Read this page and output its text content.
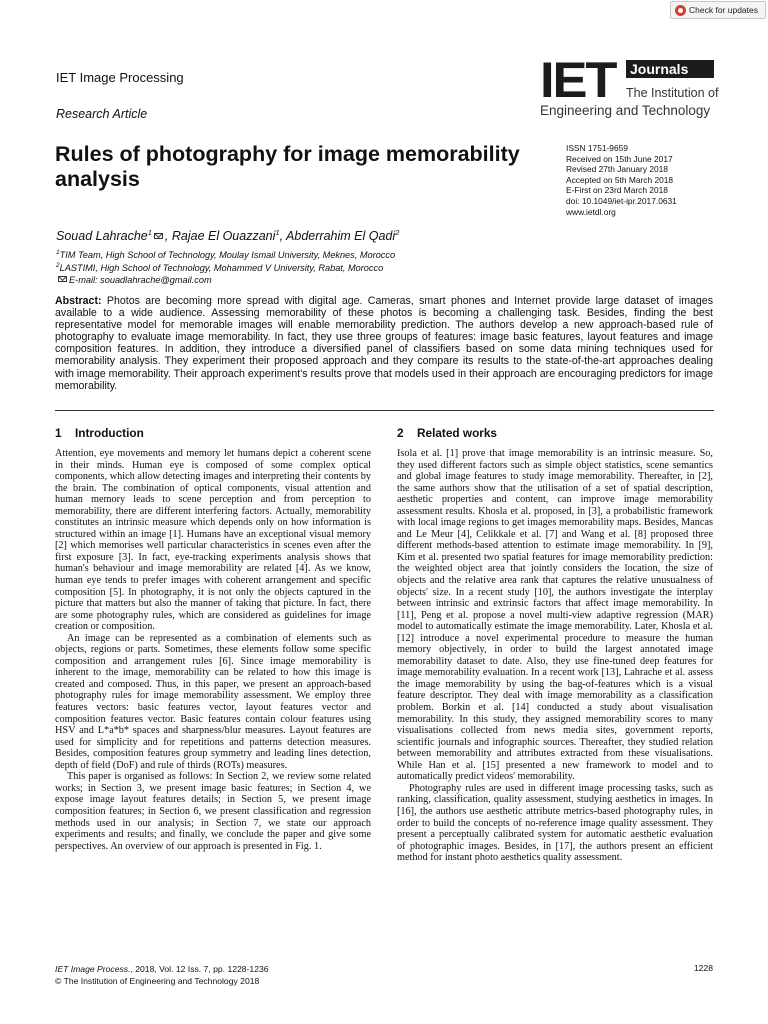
Check for updates
IET Image Processing
Research Article
IET Journals
The Institution of
Engineering and Technology
Rules of photography for image memorability analysis
ISSN 1751-9659
Received on 15th June 2017
Revised 27th January 2018
Accepted on 5th March 2018
E-First on 23rd March 2018
doi: 10.1049/iet-ipr.2017.0631
www.ietdl.org
Souad Lahrache$^1$ , Rajae El Ouazzani$^1$, Abderrahim El Qadi$^2$
$^1$TIM Team, High School of Technology, Moulay Ismail University, Meknes, Morocco
$^2$LASTIMI, High School of Technology, Mohammed V University, Rabat, Morocco
E-mail: souadlahrache@gmail.com
Abstract: Photos are becoming more spread with digital age. Cameras, smart phones and Internet provide large dataset of images available to a wide audience. Assessing memorability of these photos is becoming a challenging task. Besides, finding the best representative model for memorable images will enable memorability prediction. The authors develop a new approach-based rule of photography to evaluate image memorability. In fact, they use three groups of features: image basic features, layout features and image composition features. In addition, they introduce a diversified panel of classifiers based on some data mining techniques used for memorability analysis. They experiment their proposed approach and they compare its results to the state-of-the-art approaches dealing with image memorability. Their approach experiment's results prove that models used in their approach are encouraging predictors for image memorability.
1 Introduction

Attention, eye movements and memory let humans depict a coherent scene in their minds. Human eye is composed of some complex optical components, which allow detecting images and interpreting their contents by the brain. The combination of optical components, visual attention and human memory leads to scene perception and from perception to memorability, there are different interfering factors. Actually, memorability constitutes an intrinsic measure which depends only on how information is structured within an image [1]. Humans have an exceptional visual memory [2] which memorises well particular characteristics in scenes even after the first exposure [3]. In fact, eye-tracking experiments analysis shows that human's behaviour and image memorability are related [4]. As we know, human eye tends to prefer images with coherent arrangement and specific composition [5]. In photography, it is not only the objects captured in the picture that matters but also the manner of taking that picture. In fact, there are some photography rules, which are considered as guidelines for image creation or composition.

An image can be represented as a combination of elements such as objects, regions or parts. Sometimes, these elements follow some specific composition and arrangement rules [6]. Since image memorability is inherent to the image, memorability can be related to how this image is created and composed. Thus, in this paper, we present an approach-based photography rules for image memorability assessment. We employ three features vectors: basic features vector, layout features vector and composition features vector. Basic features contain colour features using HSV and L*a*b* spaces and sharpness/blur measures. Layout features are used for simplicity and for repetitions and patterns detection measures. Besides, composition features group symmetry and leading lines detection, depth of field (DoF) and rule of thirds (ROTs) measures.

This paper is organised as follows: In Section 2, we review some related works; in Section 3, we present image basic features; in Section 4, we expose image layout features details; in Section 5, we present image composition features; in Section 6, we present classification and regression methods used in our analysis; in Section 7, we state our approach experiments and results; and finally, we conclude the paper and give some perspectives. An overview of our approach is presented in Fig. 1.

2 Related works

Isola et al. [1] prove that image memorability is an intrinsic measure. So, they used different factors such as simple object statistics, scene semantics and global image features to study image memorability. Thereafter, in [2], the same authors show that the utilisation of a set of spatial description, aesthetic properties and content, can improve image memorability assessment results. Khosla et al. proposed, in [3], a probabilistic framework with local image regions to get images memorability maps. Besides, Mancas and Le Meur [4], Celikkale et al. [7] and Wang et al. [8] proposed three different methods-based attention to estimate image memorability. In [9], Kim et al. presented two spatial features for image memorability prediction: the weighted object area that jointly considers the location, the size of objects and the relative area rank that captures the relative unusualness of objects' size. In a recent study [10], the authors investigate the interplay between intrinsic and extrinsic factors that affect image memorability. In [11], Peng et al. propose a novel multi-view adaptive regression (MAR) model to automatically estimate the image memorability. Later, Khosla et al. [12] introduce a novel experimental procedure to measure the human memory objectively, in order to build the largest annotated image memorability dataset to date. Also, they use fine-tuned deep features for image memorability evaluation. In a recent work [13], Lahrache et al. assess the image memorability by using the bag-of-features which is a visual feature descriptor. They deal with image memorability as a classification problem. Borkin et al. [14] conducted a study about visualisation memorability. In this study, they assigned memorability scores to many visualisations collected from news media sites, government reports, scientific journals and infographic sources. Thereafter, they studied relation between memorability and attributes extracted from these visualisations. While Han et al. [15] presented a new framework to model and to automatically predict videos' memorability.

Photography rules are used in different image processing tasks, such as ranking, classification, quality assessment, studying aesthetics in images. In [16], the authors use aesthetic attribute metrics-based photography rules, in order to build the concepts of no-reference image quality assessment. They present a perceptually calibrated system for automatic aesthetic evaluation of photographic images. Besides, in [17], the authors present an efficient method for instant photo aesthetics quality assessment.

IET Image Process., 2018, Vol. 12 Iss. 7, pp. 1228-1236
© The Institution of Engineering and Technology 2018
1228
